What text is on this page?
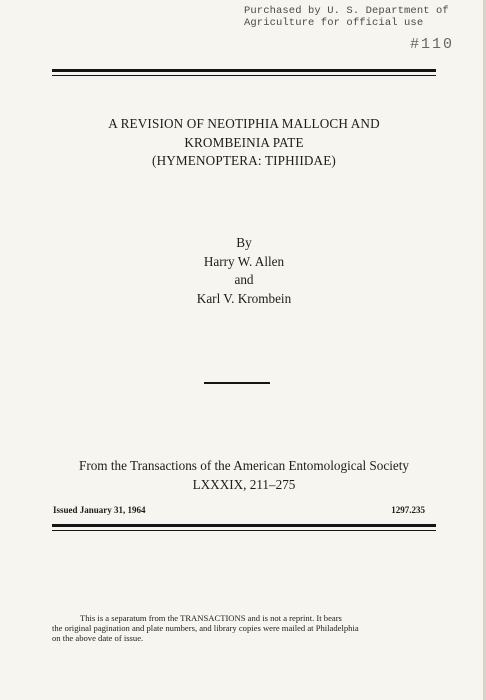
Purchased by U. S. Department of
Agriculture for official use
#110
A REVISION OF NEOTIPHIA MALLOCH AND
KROMBEINIA PATE
(HYMENOPTERA: TIPHIIDAE)
By
Harry W. Allen
and
Karl V. Krombein
From the Transactions of the American Entomological Society
LXXXIX, 211–275
Issued January 31, 1964	1297.235
This is a separatum from the TRANSACTIONS and is not a reprint. It bears
the original pagination and plate numbers, and library copies were mailed at Philadelphia
on the above date of issue.
